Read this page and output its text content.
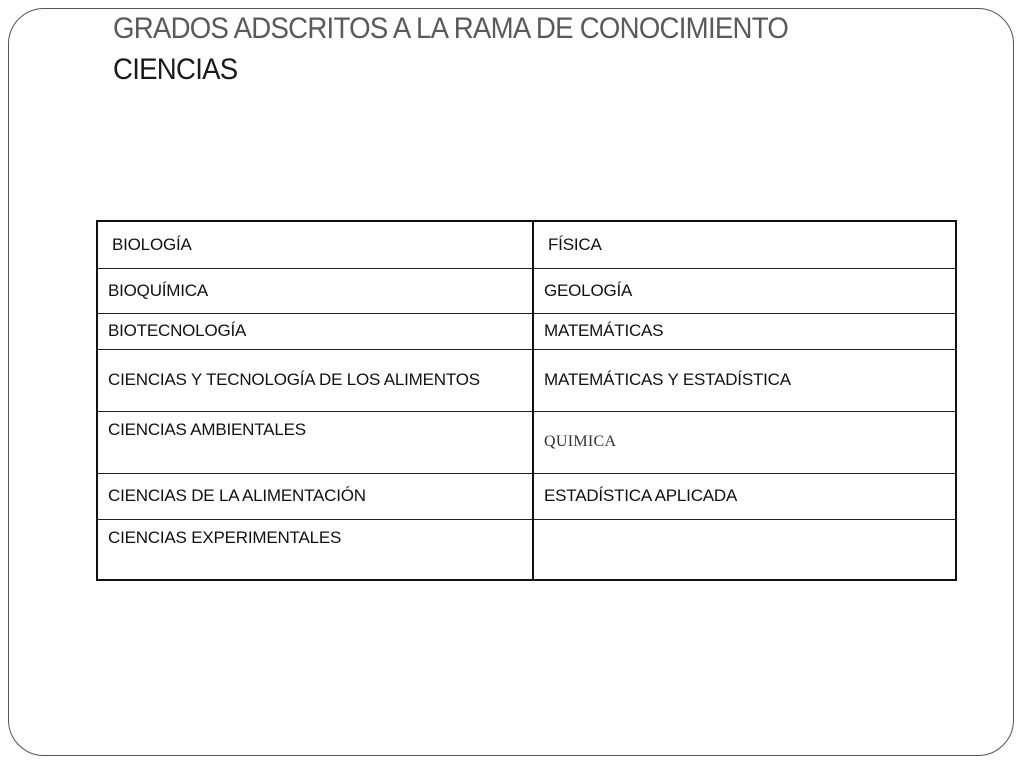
GRADOS ADSCRITOS A LA RAMA DE CONOCIMIENTO
CIENCIAS
BIOLOGÍA	FÍSICA
BIOQUÍMICA	GEOLOGÍA
BIOTECNOLOGÍA	MATEMÁTICAS
CIENCIAS Y TECNOLOGÍA DE LOS ALIMENTOS	MATEMÁTICAS Y ESTADÍSTICA
CIENCIAS AMBIENTALES	QUIMICA
CIENCIAS DE LA ALIMENTACIÓN	ESTADÍSTICA APLICADA
CIENCIAS EXPERIMENTALES	
